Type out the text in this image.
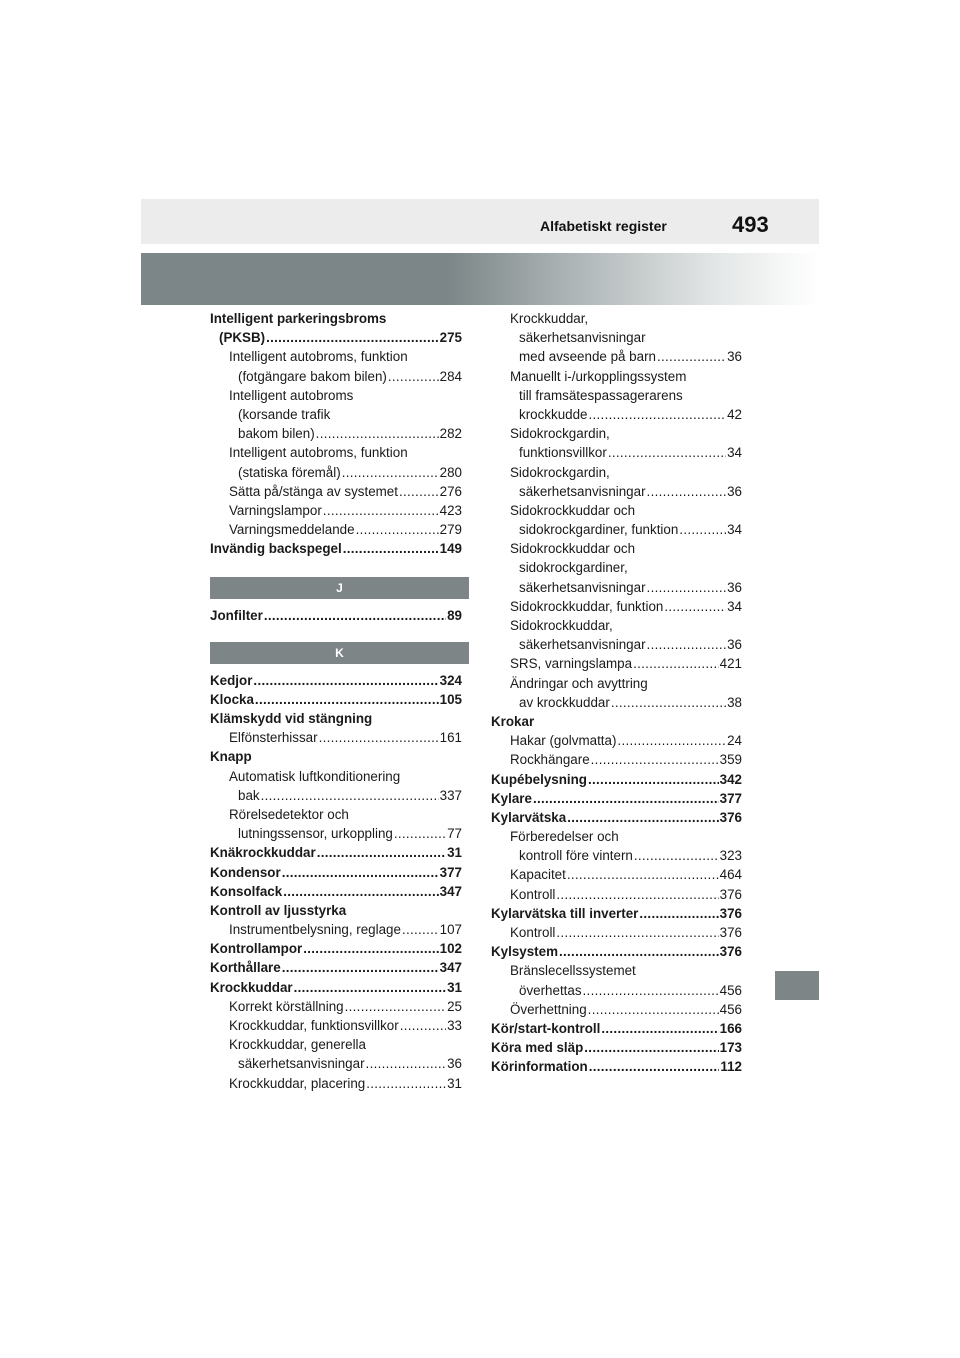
Alfabetiskt register	493
Intelligent parkeringsbroms
(PKSB) .....	275
Intelligent autobroms, funktion
(fotgängare bakom bilen) .....	284
Intelligent autobroms
(korsande trafik
bakom bilen) .....	282
Intelligent autobroms, funktion
(statiska föremål) .....	280
Sätta på/stänga av systemet .....	276
Varningslampor .....	423
Varningsmeddelande .....	279
Invändig backspegel .....	149
J
Jonfilter .....	89
K
Kedjor .....	324
Klocka .....	105
Klämskydd vid stängning
Elfönsterhissar .....	161
Knapp
Automatisk luftkonditionering
bak .....	337
Rörelsedetektor och
lutningssensor, urkoppling .....	77
Knäkrockkuddar .....	31
Kondensor .....	377
Konsolfack .....	347
Kontroll av ljusstyrka
Instrumentbelysning, reglage .....	107
Kontrollampor .....	102
Korthållare .....	347
Krockkuddar .....	31
Korrekt körställning .....	25
Krockkuddar, funktionsvillkor .....	33
Krockkuddar, generella
säkerhetsanvisningar .....	36
Krockkuddar, placering .....	31
Krockkuddar,
säkerhetsanvisningar
med avseende på barn .....	36
Manuellt i-/urkopplingssystem
till framsätespassagerarens
krockkudde .....	42
Sidokrockgardin,
funktionsvillkor .....	34
Sidokrockgardin,
säkerhetsanvisningar .....	36
Sidokrockkuddar och
sidokrockgardiner, funktion .....	34
Sidokrockkuddar och
sidokrockgardiner,
säkerhetsanvisningar .....	36
Sidokrockkuddar, funktion .....	34
Sidokrockkuddar,
säkerhetsanvisningar .....	36
SRS, varningslampa .....	421
Ändringar och avyttring
av krockkuddar .....	38
Krokar
Hakar (golvmatta) .....	24
Rockhängare .....	359
Kupébelysning .....	342
Kylare .....	377
Kylarvätska .....	376
Förberedelser och
kontroll före vintern .....	323
Kapacitet .....	464
Kontroll .....	376
Kylarvätska till inverter .....	376
Kontroll .....	376
Kylsystem .....	376
Bränslecellssystemet
överhettas .....	456
Överhettning .....	456
Kör/start-kontroll .....	166
Köra med släp .....	173
Körinformation .....	112
